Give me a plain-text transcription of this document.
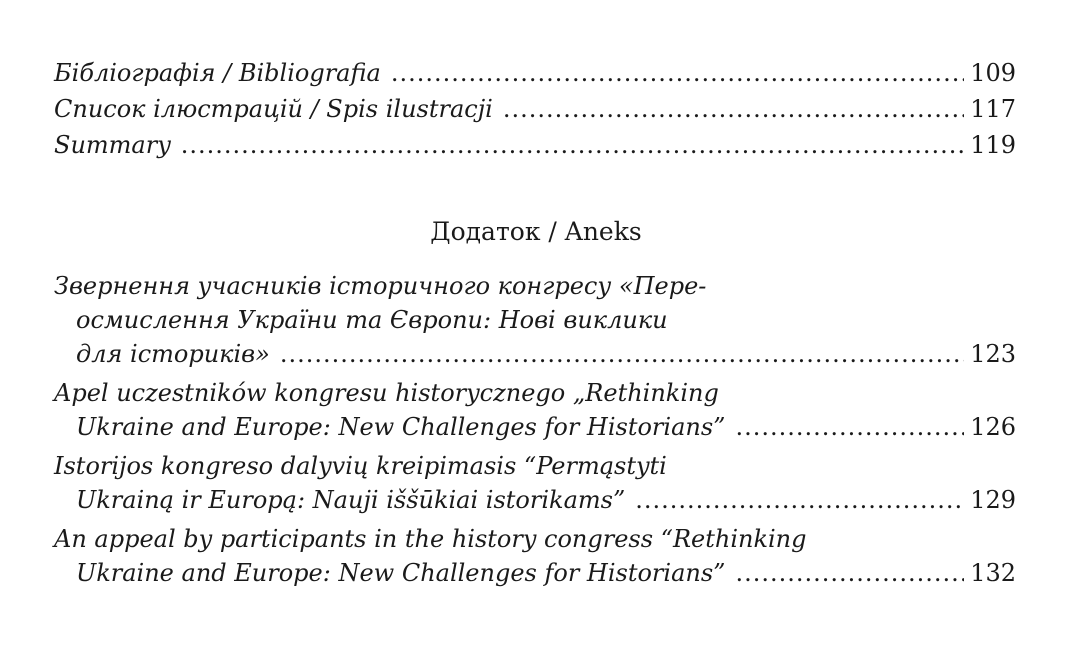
Бібліографія / Bibliografia .....	109
Список ілюстрацій / Spis ilustracji .....	117
Summary .....	119
Додаток / Aneks
Звернення учасників історичного конгресу «Пере-
осмислення України та Європи: Нові виклики
для істориків» .....	123
Apel uczestników kongresu historycznego „Rethinking
Ukraine and Europe: New Challenges for Historians” .....	126
Istorijos kongreso dalyvių kreipimasis “Permąstyti
Ukrainą ir Europą: Nauji iššūkiai istorikams” .....	129
An appeal by participants in the history congress “Rethinking
Ukraine and Europe: New Challenges for Historians” .....	132
